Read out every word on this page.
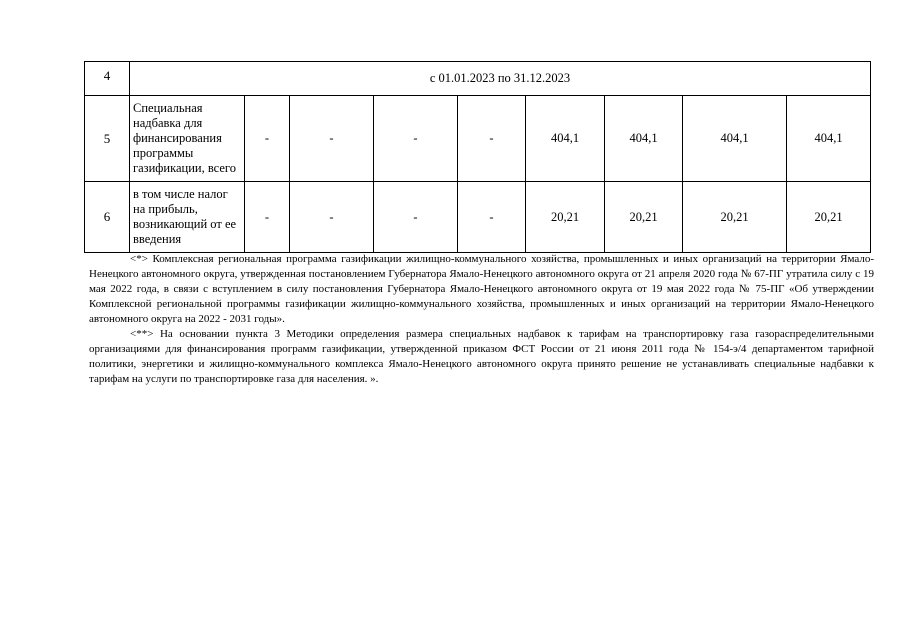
4	с 01.01.2023 по 31.12.2023								
5	Специальная надбавка для финансирования программы газификации, всего	-	-	-	-	404,1	404,1	404,1	404,1
6	в том числе налог на прибыль, возникающий от ее введения	-	-	-	-	20,21	20,21	20,21	20,21

<*> Комплексная региональная программа газификации жилищно-коммунального хозяйства, промышленных и иных организаций на территории Ямало-Ненецкого автономного округа, утвержденная постановлением Губернатора Ямало-Ненецкого автономного округа от 21 апреля 2020 года № 67-ПГ утратила силу с 19 мая 2022 года, в связи с вступлением в силу постановления Губернатора Ямало-Ненецкого автономного округа от 19 мая 2022 года № 75-ПГ «Об утверждении Комплексной региональной программы газификации жилищно-коммунального хозяйства, промышленных и иных организаций на территории Ямало-Ненецкого автономного округа на 2022 - 2031 годы».

<**> На основании пункта 3 Методики определения размера специальных надбавок к тарифам на транспортировку газа газораспределительными организациями для финансирования программ газификации, утвержденной приказом ФСТ России от 21 июня 2011 года № 154-э/4 департаментом тарифной политики, энергетики и жилищно-коммунального комплекса Ямало-Ненецкого автономного округа принято решение не устанавливать специальные надбавки к тарифам на услуги по транспортировке газа для населения. ».
